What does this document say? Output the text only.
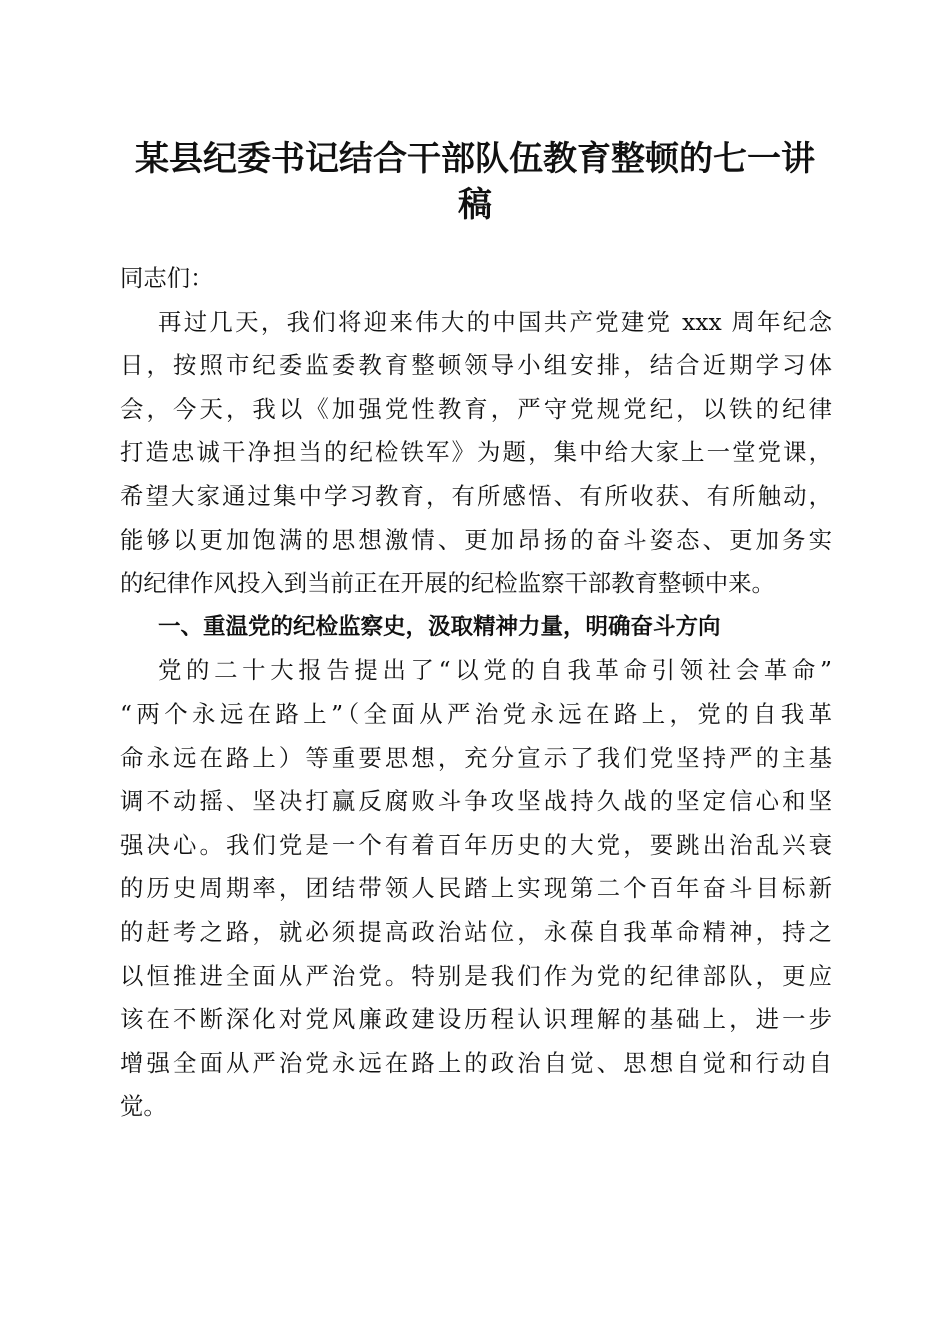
某县纪委书记结合干部队伍教育整顿的七一讲
稿
同志们：
再过几天，我们将迎来伟大的中国共产党建党 xxx 周年纪念
日，按照市纪委监委教育整顿领导小组安排，结合近期学习体
会，今天，我以《加强党性教育，严守党规党纪，以铁的纪律
打造忠诚干净担当的纪检铁军》为题，集中给大家上一堂党课，
希望大家通过集中学习教育，有所感悟、有所收获、有所触动，
能够以更加饱满的思想激情、更加昂扬的奋斗姿态、更加务实
的纪律作风投入到当前正在开展的纪检监察干部教育整顿中来。
一、重温党的纪检监察史，汲取精神力量，明确奋斗方向
党的二十大报告提出了“以党的自我革命引领社会革命”
“两个永远在路上”（全面从严治党永远在路上，党的自我革
命永远在路上）等重要思想，充分宣示了我们党坚持严的主基
调不动摇、坚决打赢反腐败斗争攻坚战持久战的坚定信心和坚
强决心。我们党是一个有着百年历史的大党，要跳出治乱兴衰
的历史周期率，团结带领人民踏上实现第二个百年奋斗目标新
的赶考之路，就必须提高政治站位，永葆自我革命精神，持之
以恒推进全面从严治党。特别是我们作为党的纪律部队，更应
该在不断深化对党风廉政建设历程认识理解的基础上，进一步
增强全面从严治党永远在路上的政治自觉、思想自觉和行动自
觉。
